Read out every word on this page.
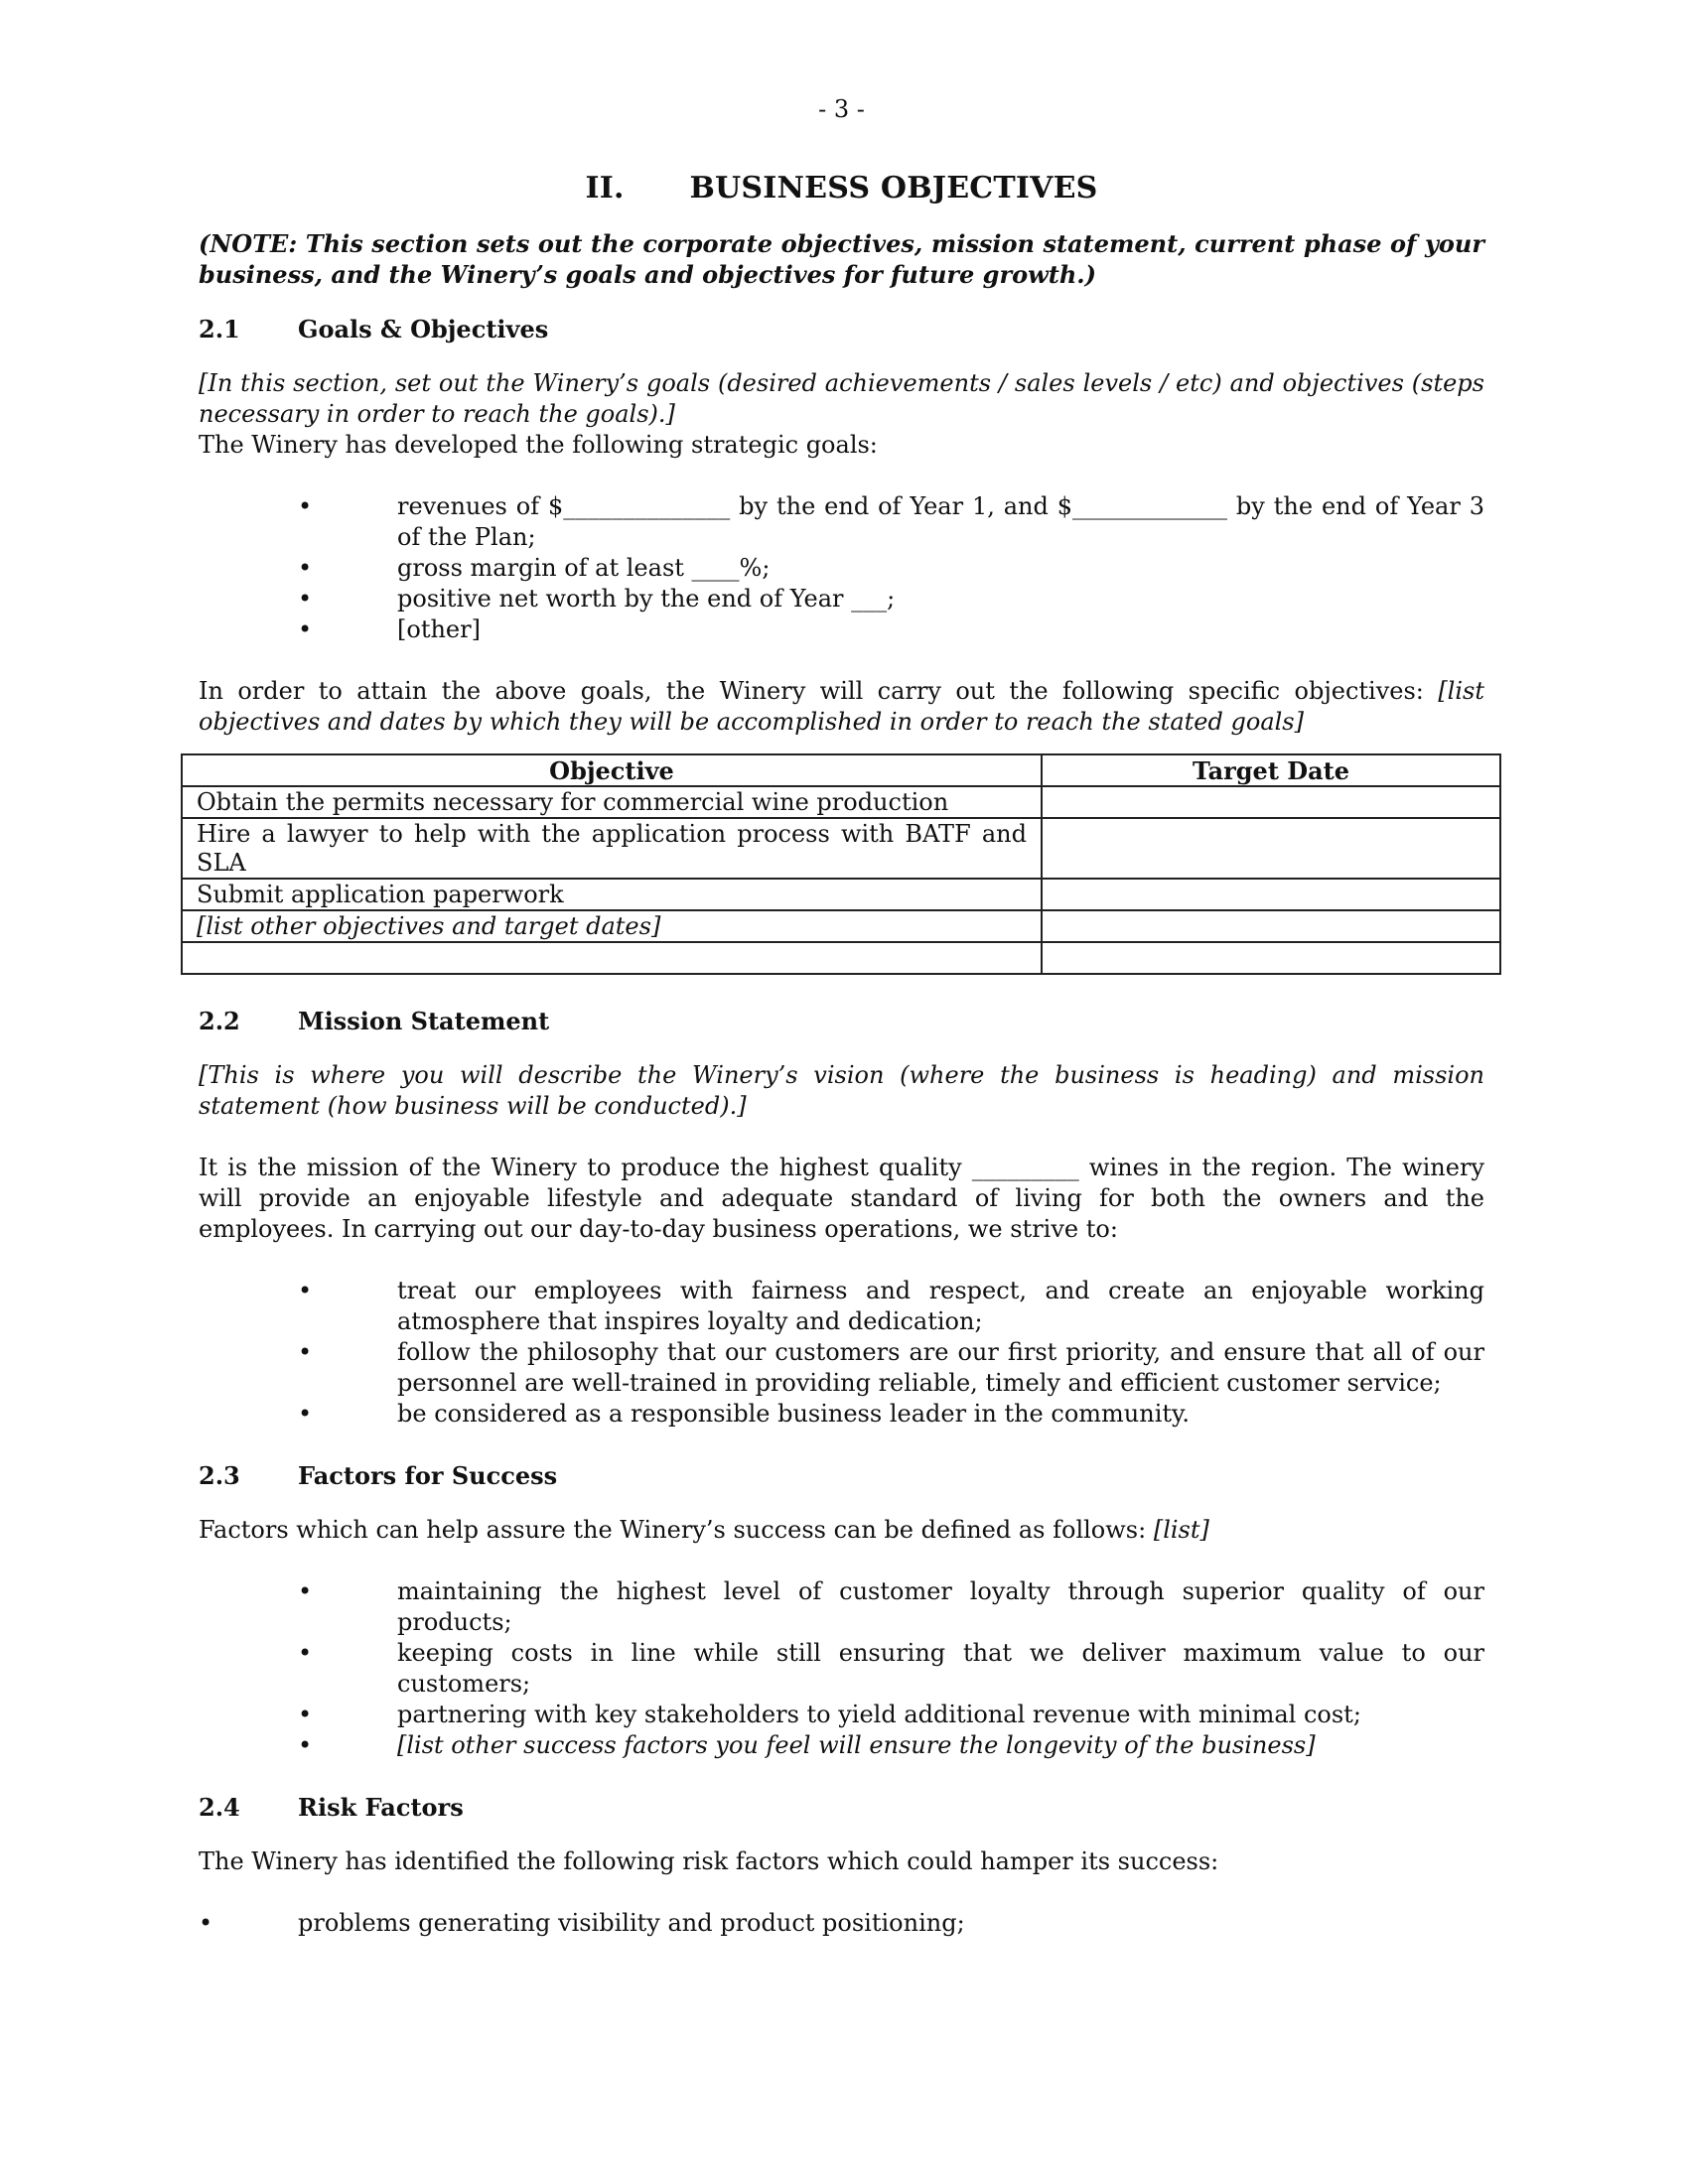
- 3 -
II. BUSINESS OBJECTIVES

(NOTE: This section sets out the corporate objectives, mission statement, current phase of your business, and the Winery’s goals and objectives for future growth.)

2.1 Goals & Objectives

[In this section, set out the Winery’s goals (desired achievements / sales levels / etc) and objectives (steps necessary in order to reach the goals).]

The Winery has developed the following strategic goals:

•	revenues of $______________ by the end of Year 1, and $_____________ by the end of Year 3 of the Plan;
•	gross margin of at least ____%;
•	positive net worth by the end of Year ___;
•	[other]

In order to attain the above goals, the Winery will carry out the following specific objectives: [list objectives and dates by which they will be accomplished in order to reach the stated goals]

Objective	Target Date
Obtain the permits necessary for commercial wine production	
Hire a lawyer to help with the application process with BATF and SLA	
Submit application paperwork	
[list other objectives and target dates]	

2.2 Mission Statement

[This is where you will describe the Winery’s vision (where the business is heading) and mission statement (how business will be conducted).]

It is the mission of the Winery to produce the highest quality _________ wines in the region. The winery will provide an enjoyable lifestyle and adequate standard of living for both the owners and the employees. In carrying out our day-to-day business operations, we strive to:

•	treat our employees with fairness and respect, and create an enjoyable working atmosphere that inspires loyalty and dedication;
•	follow the philosophy that our customers are our first priority, and ensure that all of our personnel are well-trained in providing reliable, timely and efficient customer service;
•	be considered as a responsible business leader in the community.
2.3 Factors for Success

Factors which can help assure the Winery’s success can be defined as follows: [list]

•	maintaining the highest level of customer loyalty through superior quality of our products;
•	keeping costs in line while still ensuring that we deliver maximum value to our customers;
•	partnering with key stakeholders to yield additional revenue with minimal cost;
•	[list other success factors you feel will ensure the longevity of the business]
2.4 Risk Factors

The Winery has identified the following risk factors which could hamper its success:

•	problems generating visibility and product positioning;
